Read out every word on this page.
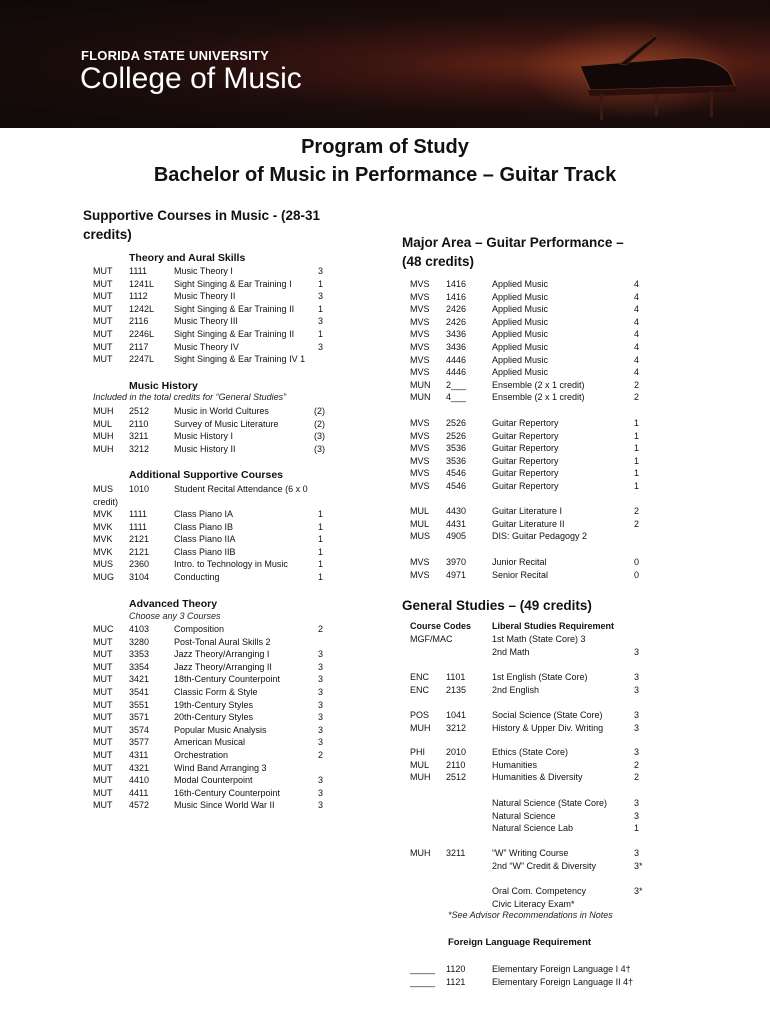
FLORIDA STATE UNIVERSITY
College of Music
Program of Study
Bachelor of Music in Performance – Guitar Track
Supportive Courses in Music - (28-31
credits)
Theory and Aural Skills
MUT 1111	Music Theory I	3
MUT 1241L Sight Singing & Ear Training I	1
MUT 1112	Music Theory II	3
MUT 1242L Sight Singing & Ear Training II	1
MUT 2116	Music Theory III	3
MUT 2246L Sight Singing & Ear Training II	1
MUT 2117	Music Theory IV	3
MUT 2247L Sight Singing & Ear Training IV 1
Music History
Included in the total credits for “General Studies”
MUH 2512	Music in World Cultures	(2)
MUL 2110	Survey of Music Literature	(2)
MUH 3211	Music History I	(3)
MUH 3212	Music History II	(3)
Additional Supportive Courses
MUS 1010	Student Recital Attendance (6 x 0
credit)
MVK 1111	Class Piano IA	1
MVK 1111	Class Piano IB	1
MVK 2121	Class Piano IIA	1
MVK 2121	Class Piano IIB	1
MUS 2360	Intro. to Technology in Music	1
MUG 3104	Conducting	1
Advanced Theory
Choose any 3 Courses
MUC 4103	Composition	2
MUT 3280	Post-Tonal Aural Skills 2
MUT 3353	Jazz Theory/Arranging I	3
MUT 3354	Jazz Theory/Arranging II	3
MUT 3421	18th-Century Counterpoint	3
MUT 3541	Classic Form & Style	3
MUT 3551	19th-Century Styles	3
MUT 3571	20th-Century Styles	3
MUT 3574	Popular Music Analysis	3
MUT 3577	American Musical	3
MUT 4311	Orchestration	2
MUT 4321	Wind Band Arranging 3
MUT 4410	Modal Counterpoint	3
MUT 4411	16th-Century Counterpoint	3
MUT 4572	Music Since World War II	3
Major Area – Guitar Performance –
(48 credits)
MVS 1416	Applied Music	4
MVS 1416	Applied Music	4
MVS 2426	Applied Music	4
MVS 2426	Applied Music	4
MVS 3436	Applied Music	4
MVS 3436	Applied Music	4
MVS 4446	Applied Music	4
MVS 4446	Applied Music	4
MUN 2___	Ensemble (2 x 1 credit)	2
MUN 4___	Ensemble (2 x 1 credit)	2
MVS 2526	Guitar Repertory	1
MVS 2526	Guitar Repertory	1
MVS 3536	Guitar Repertory	1
MVS 3536	Guitar Repertory	1
MVS 4546	Guitar Repertory	1
MVS 4546	Guitar Repertory	1
MUL 4430	Guitar Literature I	2
MUL 4431	Guitar Literature II	2
MUS 4905	DIS: Guitar Pedagogy 2
MVS 3970	Junior Recital	0
MVS 4971	Senior Recital	0
General Studies – (49 credits)
Course Codes Liberal Studies Requirement
MGF/MAC	1st Math (State Core) 3
2nd Math	3
ENC 1101	1st English (State Core)	3
ENC 2135	2nd English	3
POS 1041	Social Science (State Core)	3
MUH 3212	History & Upper Div. Writing	3
PHI 2010	Ethics (State Core)	3
MUL 2110	Humanities	2
MUH 2512	Humanities & Diversity	2
Natural Science (State Core)	3
Natural Science	3
Natural Science Lab	1
MUH 3211	“W” Writing Course	3
2nd “W” Credit & Diversity	3*
Oral Com. Competency	3*
Civic Literacy Exam*
*See Advisor Recommendations in Notes
Foreign Language Requirement
_____ 1120	Elementary Foreign Language I 4†
_____ 1121	Elementary Foreign Language II 4†
